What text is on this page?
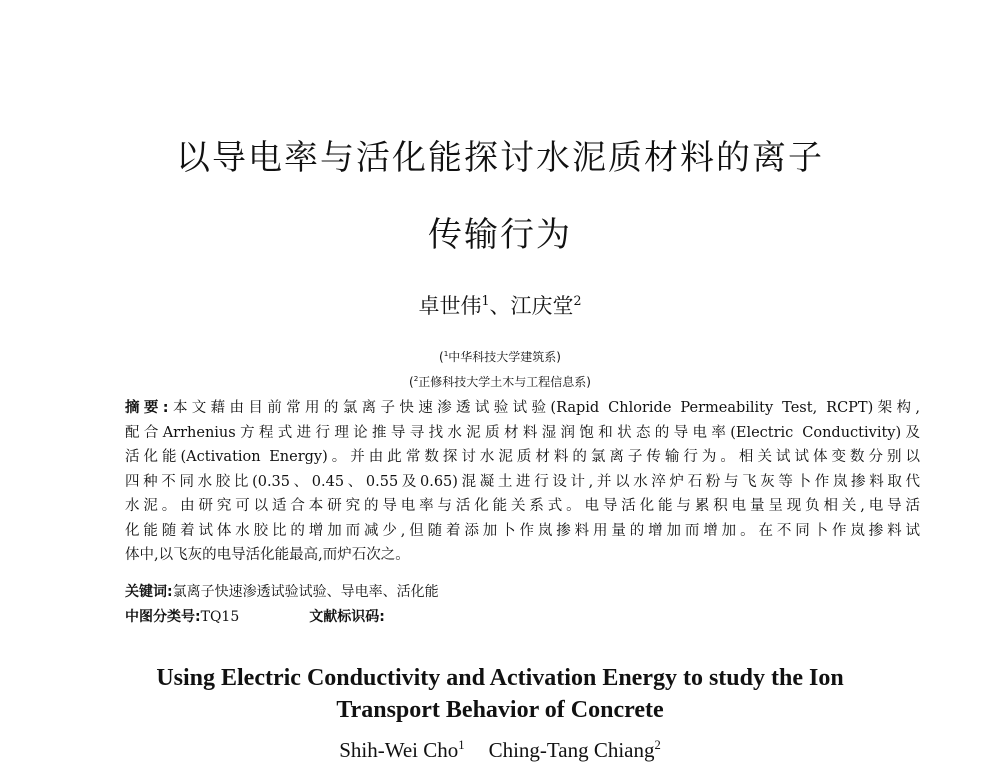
以导电率与活化能探讨水泥质材料的离子
传输行为
卓世伟$^1$、江庆堂$^2$
($^1$中华科技大学建筑系)
($^2$正修科技大学土木与工程信息系)
摘要:本文藉由目前常用的氯离子快速渗透试验试验(Rapid Chloride Permeability Test, RCPT)架构,
配合Arrhenius方程式进行理论推导寻找水泥质材料湿润饱和状态的导电率(Electric Conductivity)及
活化能(Activation Energy)。并由此常数探讨水泥质材料的氯离子传输行为。相关试试体变数分别以
四种不同水胶比(0.35、0.45、0.55及0.65)混凝土进行设计,并以水淬炉石粉与飞灰等卜作岚掺料取代
水泥。由研究可以适合本研究的导电率与活化能关系式。电导活化能与累积电量呈现负相关,电导活
化能随着试体水胶比的增加而减少,但随着添加卜作岚掺料用量的增加而增加。在不同卜作岚掺料试
体中,以飞灰的电导活化能最高,而炉石次之。
关键词:氯离子快速渗透试验试验、导电率、活化能
中图分类号:TQ15	文献标识码:
Using Electric Conductivity and Activation Energy to study the Ion
Transport Behavior of Concrete
Shih-Wei Cho$^1$ Ching-Tang Chiang$^2$
